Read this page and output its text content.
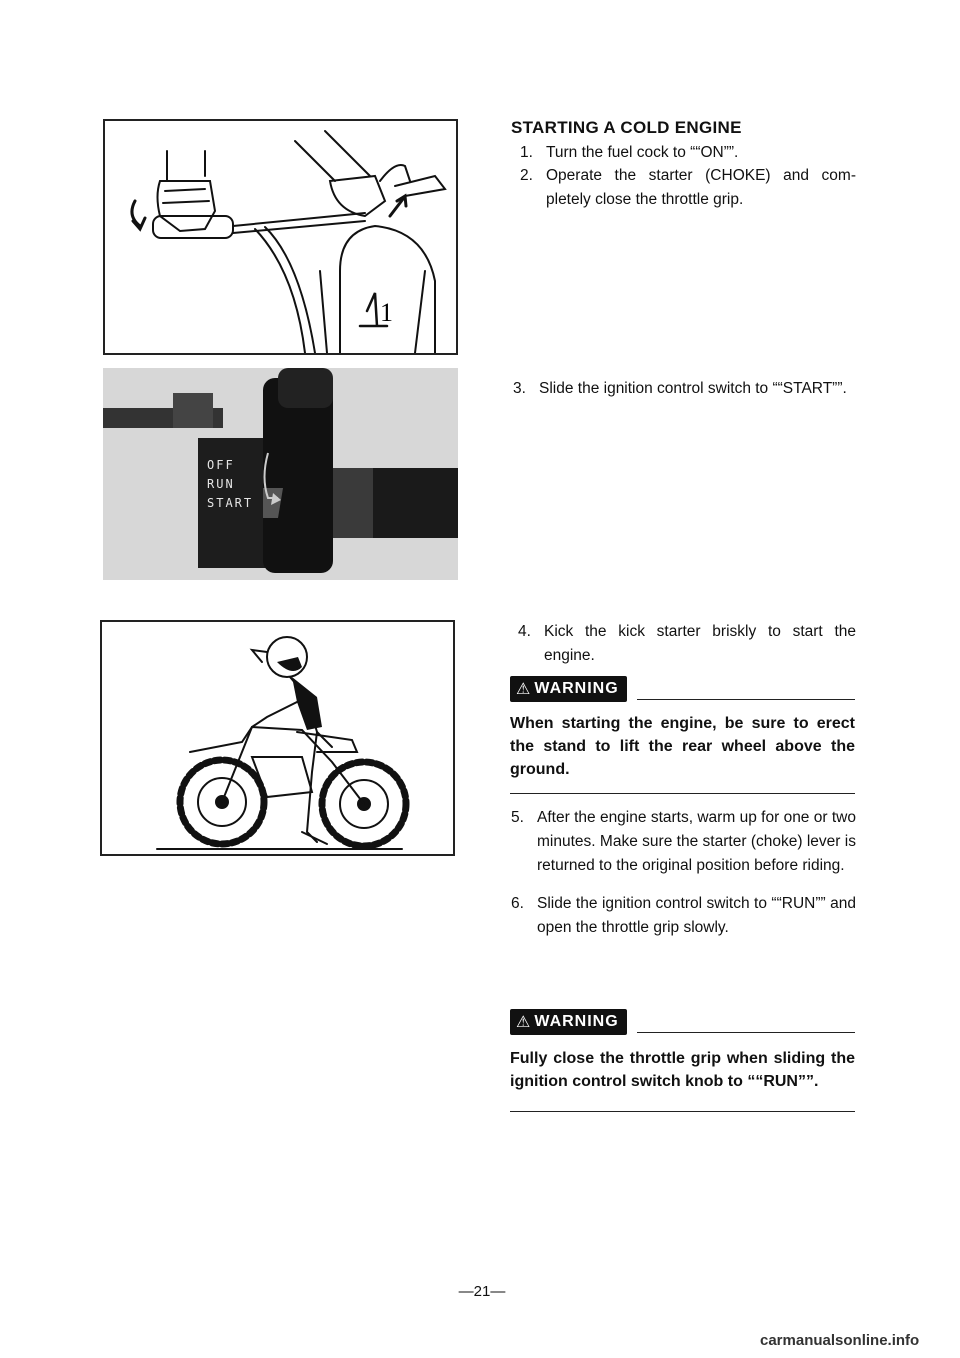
1
OFF
RUN
START
STARTING A COLD ENGINE
1. Turn the fuel cock to ““ON””.
2. Operate the starter (CHOKE) and com-pletely close the throttle grip.
3. Slide the ignition control switch to ““START””.
4. Kick the kick starter briskly to start the engine.
⚠ WARNING
When starting the engine, be sure to erect the stand to lift the rear wheel above the ground.
5. After the engine starts, warm up for one or two minutes. Make sure the starter (choke) lever is returned to the original position before riding.
6. Slide the ignition control switch to ““RUN”” and open the throttle grip slowly.
⚠ WARNING
Fully close the throttle grip when sliding the ignition control switch knob to ““RUN””.
—21—
carmanualsonline.info
